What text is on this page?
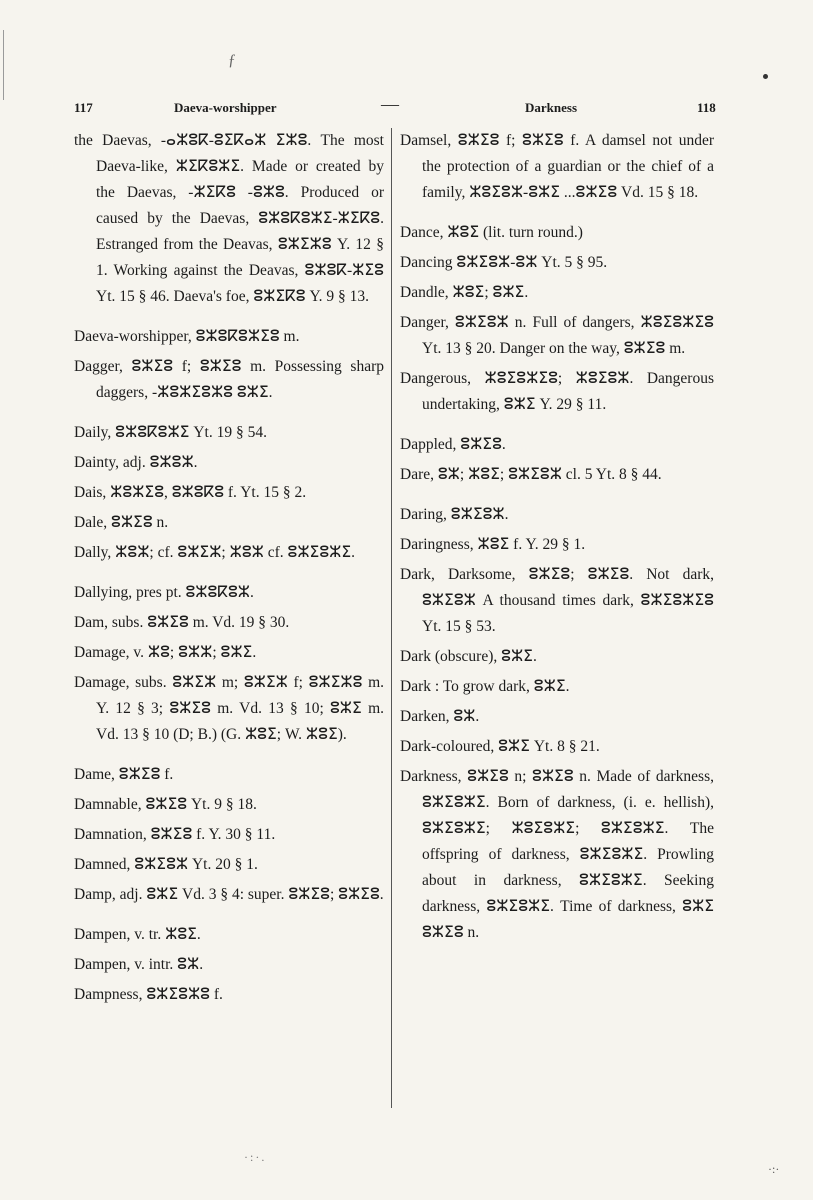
ƒ
117	Daeva-worshipper	—	Darkness	118

the Daevas, -ⴰⵣⵓⴽ-ⵓⵉⴽⴰⵣ ⵉⵣⵓ. The most Daeva-like, ⵣⵉⴽⵓⵣⵉ. Made or created by the Daevas, -ⵣⵉⴽⵓ -ⵓⵣⵓ. Produced or caused by the Daevas, ⵓⵣⵓⴽⵓⵣⵉ-ⵣⵉⴽⵓ. Estranged from the Deavas, ⵓⵣⵉⵣⵓ Y. 12 § 1. Working against the Deavas, ⵓⵣⵓⴽ-ⵣⵉⵓ Yt. 15 § 46. Daeva's foe, ⵓⵣⵉⴽⵓ Y. 9 § 13.

Daeva-worshipper, ⵓⵣⵓⴽⵓⵣⵉⵓ m.

Dagger, ⵓⵣⵉⵓ f; ⵓⵣⵉⵓ m. Possessing sharp daggers, -ⵣⵓⵣⵉⵓⵣⵓ ⵓⵣⵉ.

Daily, ⵓⵣⵓⴽⵓⵣⵉ Yt. 19 § 54.

Dainty, adj. ⵓⵣⵓⵣ.

Dais, ⵣⵓⵣⵉⵓ, ⵓⵣⵓⴽⵓ f. Yt. 15 § 2.

Dale, ⵓⵣⵉⵓ n.

Dally, ⵣⵓⵣ; cf. ⵓⵣⵉⵣ; ⵣⵓⵣ cf. ⵓⵣⵉⵓⵣⵉ.

Dallying, pres pt. ⵓⵣⵓⴽⵓⵣ.

Dam, subs. ⵓⵣⵉⵓ m. Vd. 19 § 30.

Damage, v. ⵣⵓ; ⵓⵣⵣ; ⵓⵣⵉ.

Damage, subs. ⵓⵣⵉⵣ m; ⵓⵣⵉⵣ f; ⵓⵣⵉⵣⵓ m. Y. 12 § 3; ⵓⵣⵉⵓ m. Vd. 13 § 10; ⵓⵣⵉ m. Vd. 13 § 10 (D; B.) (G. ⵣⵓⵉ; W. ⵣⵓⵉ).

Dame, ⵓⵣⵉⵓ f.

Damnable, ⵓⵣⵉⵓ Yt. 9 § 18.

Damnation, ⵓⵣⵉⵓ f. Y. 30 § 11.

Damned, ⵓⵣⵉⵓⵣ Yt. 20 § 1.

Damp, adj. ⵓⵣⵉ Vd. 3 § 4: super. ⵓⵣⵉⵓ; ⵓⵣⵉⵓ.

Dampen, v. tr. ⵣⵓⵉ.

Dampen, v. intr. ⵓⵣ.

Dampness, ⵓⵣⵉⵓⵣⵓ f.

Damsel, ⵓⵣⵉⵓ f; ⵓⵣⵉⵓ f. A damsel not under the protection of a guardian or the chief of a family, ⵣⵓⵉⵓⵣ-ⵓⵣⵉ ...ⵓⵣⵉⵓ Vd. 15 § 18.

Dance, ⵣⵓⵉ (lit. turn round.)

Dancing ⵓⵣⵉⵓⵣ-ⵓⵣ Yt. 5 § 95.

Dandle, ⵣⵓⵉ; ⵓⵣⵉ.

Danger, ⵓⵣⵉⵓⵣ n. Full of dangers, ⵣⵓⵉⵓⵣⵉⵓ Yt. 13 § 20. Danger on the way, ⵓⵣⵉⵓ m.

Dangerous, ⵣⵓⵉⵓⵣⵉⵓ; ⵣⵓⵉⵓⵣ. Dangerous undertaking, ⵓⵣⵉ Y. 29 § 11.

Dappled, ⵓⵣⵉⵓ.

Dare, ⵓⵣ; ⵣⵓⵉ; ⵓⵣⵉⵓⵣ cl. 5 Yt. 8 § 44.

Daring, ⵓⵣⵉⵓⵣ.

Daringness, ⵣⵓⵉ f. Y. 29 § 1.

Dark, Darksome, ⵓⵣⵉⵓ; ⵓⵣⵉⵓ. Not dark, ⵓⵣⵉⵓⵣ A thousand times dark, ⵓⵣⵉⵓⵣⵉⵓ Yt. 15 § 53.

Dark (obscure), ⵓⵣⵉ.

Dark : To grow dark, ⵓⵣⵉ.

Darken, ⵓⵣ.

Dark-coloured, ⵓⵣⵉ Yt. 8 § 21.

Darkness, ⵓⵣⵉⵓ n; ⵓⵣⵉⵓ n. Made of darkness, ⵓⵣⵉⵓⵣⵉ. Born of darkness, (i. e. hellish), ⵓⵣⵉⵓⵣⵉ; ⵣⵓⵉⵓⵣⵉ; ⵓⵣⵉⵓⵣⵉ. The offspring of darkness, ⵓⵣⵉⵓⵣⵉ. Prowling about in darkness, ⵓⵣⵉⵓⵣⵉ. Seeking darkness, ⵓⵣⵉⵓⵣⵉ. Time of darkness, ⵓⵣⵉ ⵓⵣⵉⵓ n.

·:·.
·:·
